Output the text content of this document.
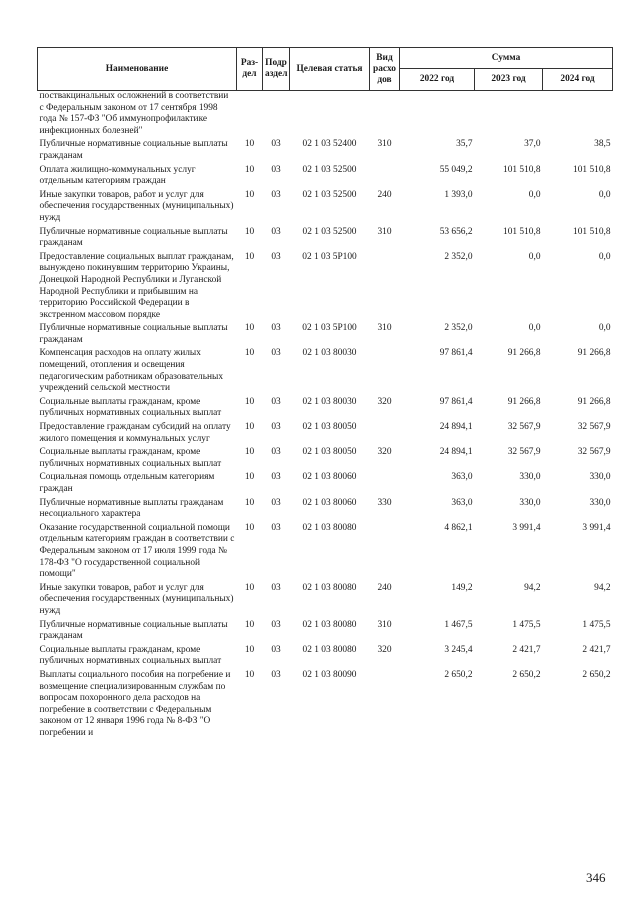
Наименование	Раз-дел	Подр аздел	Целевая статья	Вид расхо дов	Сумма		
					2022 год	2023 год	2024 год
поствакцинальных осложнений в соответствии с Федеральным законом от 17 сентября 1998 года № 157-ФЗ "Об иммунопрофилактике инфекционных болезней"							
Публичные нормативные социальные выплаты гражданам	10	03	02 1 03 52400	310	35,7	37,0	38,5
Оплата жилищно-коммунальных услуг отдельным категориям граждан	10	03	02 1 03 52500		55 049,2	101 510,8	101 510,8
Иные закупки товаров, работ и услуг для обеспечения государственных (муниципальных) нужд	10	03	02 1 03 52500	240	1 393,0	0,0	0,0
Публичные нормативные социальные выплаты гражданам	10	03	02 1 03 52500	310	53 656,2	101 510,8	101 510,8
Предоставление социальных выплат гражданам, вынуждено покинувшим территорию Украины, Донецкой Народной Республики и Луганской Народной Республики и прибывшим на территорию Российской Федерации в экстренном массовом порядке	10	03	02 1 03 5P100		2 352,0	0,0	0,0
Публичные нормативные социальные выплаты гражданам	10	03	02 1 03 5P100	310	2 352,0	0,0	0,0
Компенсация расходов на оплату жилых помещений, отопления и освещения педагогическим работникам образовательных учреждений сельской местности	10	03	02 1 03 80030		97 861,4	91 266,8	91 266,8
Социальные выплаты гражданам, кроме публичных нормативных социальных выплат	10	03	02 1 03 80030	320	97 861,4	91 266,8	91 266,8
Предоставление гражданам субсидий на оплату жилого помещения и коммунальных услуг	10	03	02 1 03 80050		24 894,1	32 567,9	32 567,9
Социальные выплаты гражданам, кроме публичных нормативных социальных выплат	10	03	02 1 03 80050	320	24 894,1	32 567,9	32 567,9
Социальная помощь отдельным категориям граждан	10	03	02 1 03 80060		363,0	330,0	330,0
Публичные нормативные выплаты гражданам несоциального характера	10	03	02 1 03 80060	330	363,0	330,0	330,0
Оказание государственной социальной помощи отдельным категориям граждан в соответствии с Федеральным законом от 17 июля 1999 года № 178-ФЗ "О государственной социальной помощи"	10	03	02 1 03 80080		4 862,1	3 991,4	3 991,4
Иные закупки товаров, работ и услуг для обеспечения государственных (муниципальных) нужд	10	03	02 1 03 80080	240	149,2	94,2	94,2
Публичные нормативные социальные выплаты гражданам	10	03	02 1 03 80080	310	1 467,5	1 475,5	1 475,5
Социальные выплаты гражданам, кроме публичных нормативных социальных выплат	10	03	02 1 03 80080	320	3 245,4	2 421,7	2 421,7
Выплаты социального пособия на погребение и возмещение специализированным службам по вопросам похоронного дела расходов на погребение в соответствии с Федеральным законом от 12 января 1996 года № 8-ФЗ "О погребении и	10	03	02 1 03 80090		2 650,2	2 650,2	2 650,2
346
